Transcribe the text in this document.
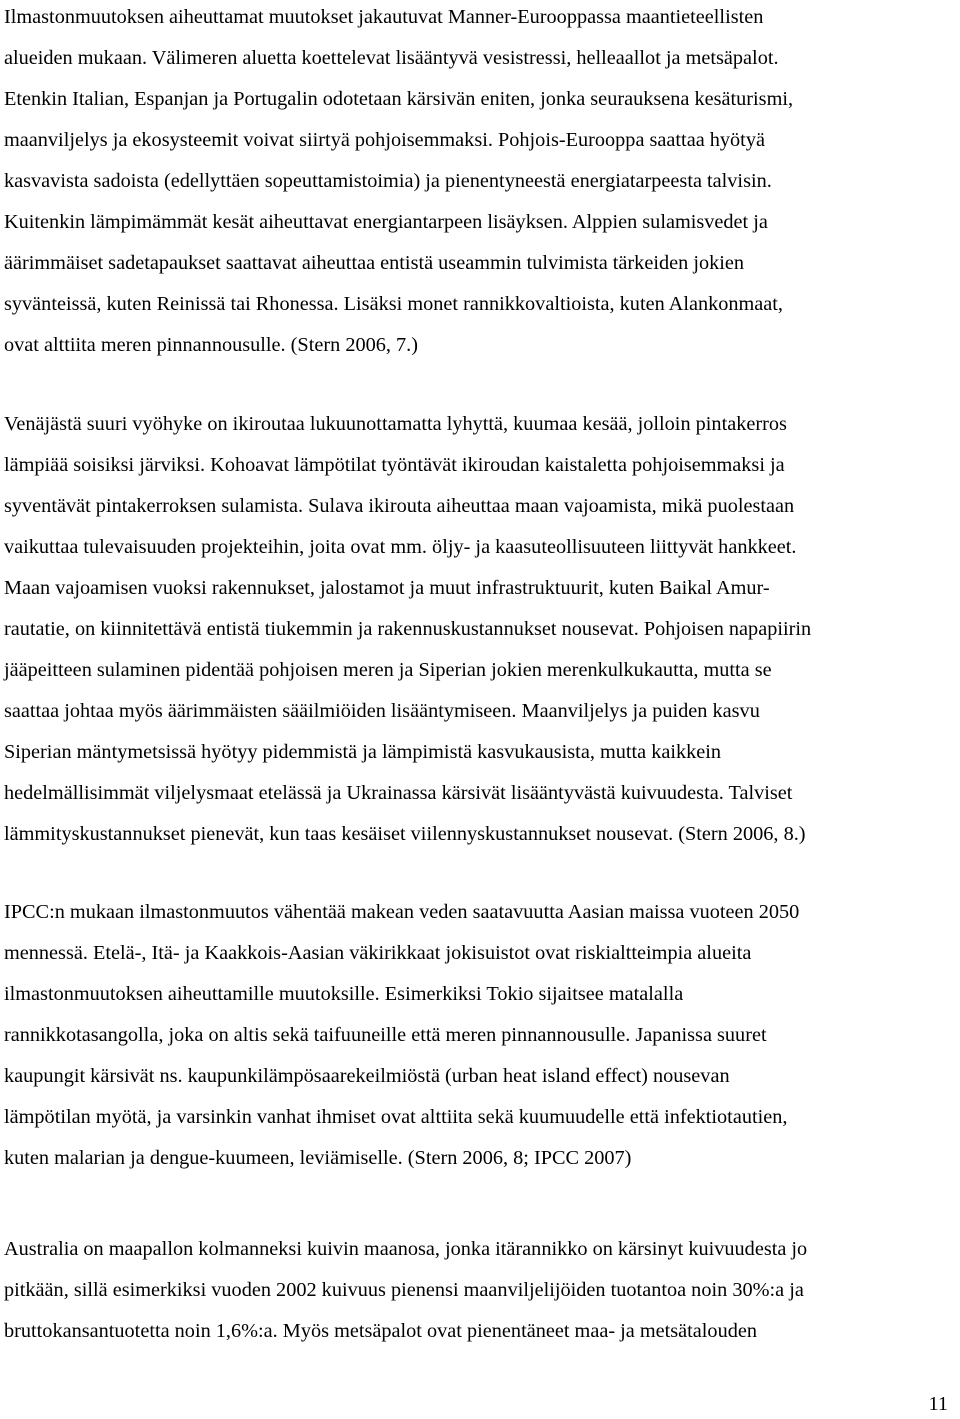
Ilmastonmuutoksen aiheuttamat muutokset jakautuvat Manner-Eurooppassa maantieteellisten
alueiden mukaan. Välimeren aluetta koettelevat lisääntyvä vesistressi, helleaallot ja metsäpalot.
Etenkin Italian, Espanjan ja Portugalin odotetaan kärsivän eniten, jonka seurauksena kesäturismi,
maanviljelys ja ekosysteemit voivat siirtyä pohjoisemmaksi. Pohjois-Eurooppa saattaa hyötyä
kasvavista sadoista (edellyttäen sopeuttamistoimia) ja pienentyneestä energiatarpeesta talvisin.
Kuitenkin lämpimämmät kesät aiheuttavat energiantarpeen lisäyksen. Alppien sulamisvedet ja
äärimmäiset sadetapaukset saattavat aiheuttaa entistä useammin tulvimista tärkeiden jokien
syvänteissä, kuten Reinissä tai Rhonessa. Lisäksi monet rannikkovaltioista, kuten Alankonmaat,
ovat alttiita meren pinnannousulle. (Stern 2006, 7.)

Venäjästä suuri vyöhyke on ikiroutaa lukuunottamatta lyhyttä, kuumaa kesää, jolloin pintakerros
lämpiää soisiksi järviksi. Kohoavat lämpötilat työntävät ikiroudan kaistaletta pohjoisemmaksi ja
syventävät pintakerroksen sulamista. Sulava ikirouta aiheuttaa maan vajoamista, mikä puolestaan
vaikuttaa tulevaisuuden projekteihin, joita ovat mm. öljy- ja kaasuteollisuuteen liittyvät hankkeet.
Maan vajoamisen vuoksi rakennukset, jalostamot ja muut infrastruktuurit, kuten Baikal Amur-
rautatie, on kiinnitettävä entistä tiukemmin ja rakennuskustannukset nousevat. Pohjoisen napapiirin
jääpeitteen sulaminen pidentää pohjoisen meren ja Siperian jokien merenkulkukautta, mutta se
saattaa johtaa myös äärimmäisten sääilmiöiden lisääntymiseen. Maanviljelys ja puiden kasvu
Siperian mäntymetsissä hyötyy pidemmistä ja lämpimistä kasvukausista, mutta kaikkein
hedelmällisimmät viljelysmaat etelässä ja Ukrainassa kärsivät lisääntyvästä kuivuudesta. Talviset
lämmityskustannukset pienevät, kun taas kesäiset viilennyskustannukset nousevat. (Stern 2006, 8.)

IPCC:n mukaan ilmastonmuutos vähentää makean veden saatavuutta Aasian maissa vuoteen 2050
mennessä. Etelä-, Itä- ja Kaakkois-Aasian väkirikkaat jokisuistot ovat riskialtteimpia alueita
ilmastonmuutoksen aiheuttamille muutoksille. Esimerkiksi Tokio sijaitsee matalalla
rannikkotasangolla, joka on altis sekä taifuuneille että meren pinnannousulle. Japanissa suuret
kaupungit kärsivät ns. kaupunkilämpösaarekeilmiöstä (urban heat island effect) nousevan
lämpötilan myötä, ja varsinkin vanhat ihmiset ovat alttiita sekä kuumuudelle että infektiotautien,
kuten malarian ja dengue-kuumeen, leviämiselle. (Stern 2006, 8; IPCC 2007)

Australia on maapallon kolmanneksi kuivin maanosa, jonka itärannikko on kärsinyt kuivuudesta jo
pitkään, sillä esimerkiksi vuoden 2002 kuivuus pienensi maanviljelijöiden tuotantoa noin 30%:a ja
bruttokansantuotetta noin 1,6%:a. Myös metsäpalot ovat pienentäneet maa- ja metsätalouden

11
